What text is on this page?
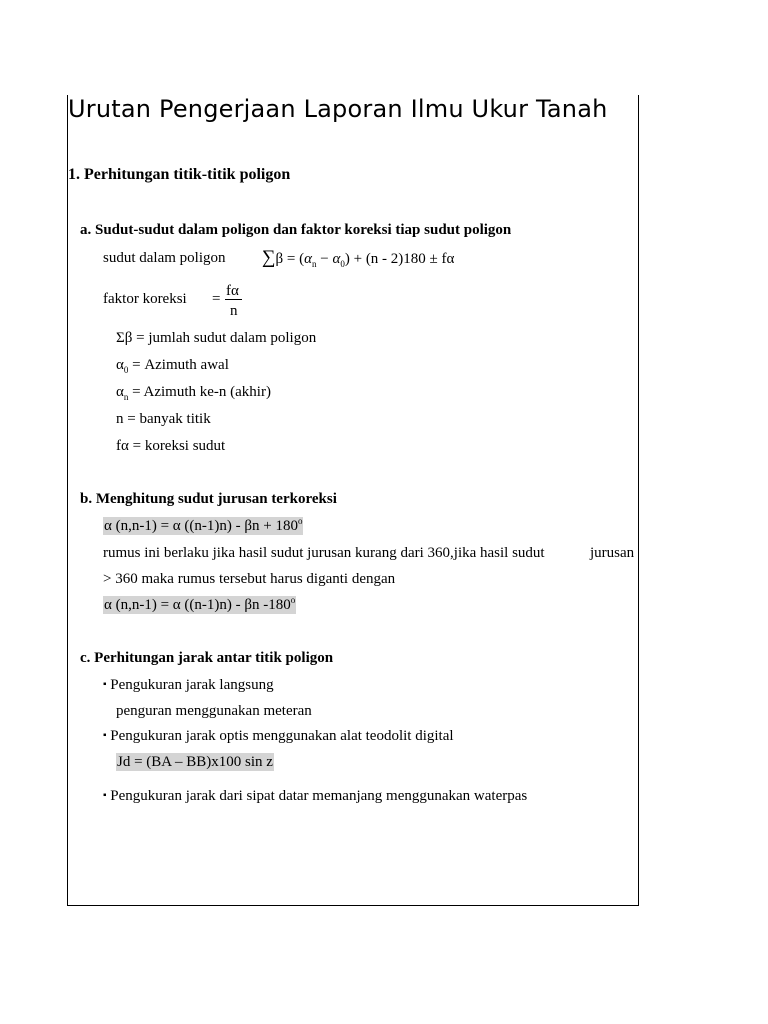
Urutan Pengerjaan Laporan Ilmu Ukur Tanah
1. Perhitungan titik-titik poligon
a. Sudut-sudut dalam poligon dan faktor koreksi tiap sudut poligon
sudut dalam poligon $\sum\beta = (\alpha_n - \alpha_0) + (n - 2)180 \pm f\alpha$
faktor koreksi = fα
n
Σβ = jumlah sudut dalam poligon
$\alpha_0$ = Azimuth awal
$\alpha_n$ = Azimuth ke-n (akhir)
n = banyak titik
fα = koreksi sudut
b. Menghitung sudut jurusan terkoreksi
α (n,n-1) = α $((n-1)n) - \beta n + 180^o$
rumus ini berlaku jika hasil sudut jurusan kurang dari 360,jika hasil sudut	jurusan
> 360 maka rumus tersebut harus diganti dengan
α (n,n-1) = α ((n-1)n) - βn -180$^o$
c. Perhitungan jarak antar titik poligon
▪ Pengukuran jarak langsung
penguran menggunakan meteran
▪ Pengukuran jarak optis menggunakan alat teodolit digital
Jd = (BA – BB)x100 sin z
▪ Pengukuran jarak dari sipat datar memanjang menggunakan waterpas
